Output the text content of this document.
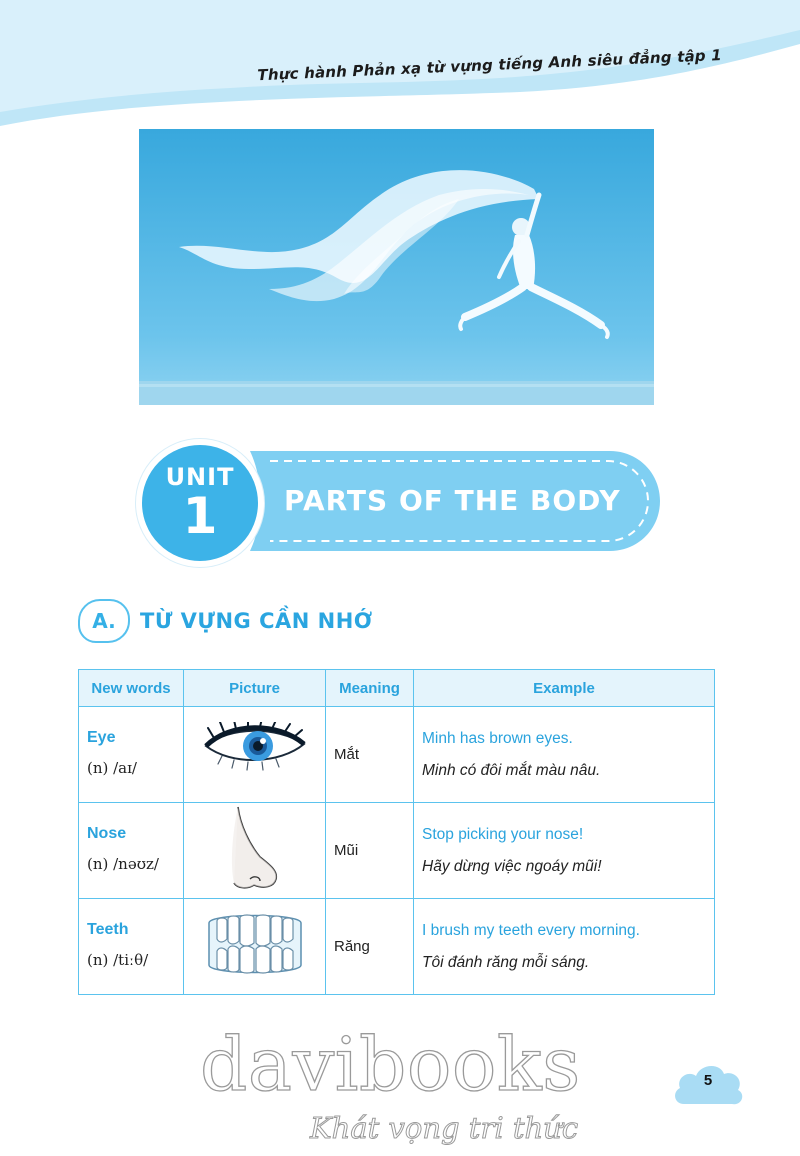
Thực hành Phản xạ từ vựng tiếng Anh siêu đẳng tập 1
UNIT
1 PARTS OF THE BODY
A.	TỪ VỰNG CẦN NHỚ
New words	Picture	Meaning	Example

Eye
(n) /aɪ/		Mắt	Minh has brown eyes.
Minh có đôi mắt màu nâu.

Nose
(n) /nəʊz/		Mũi	Stop picking your nose!
Hãy dừng việc ngoáy mũi!

Teeth
(n) /tiːθ/		Răng	I brush my teeth every morning.
Tôi đánh răng mỗi sáng.
davibooks
Khát vọng tri thức
5
